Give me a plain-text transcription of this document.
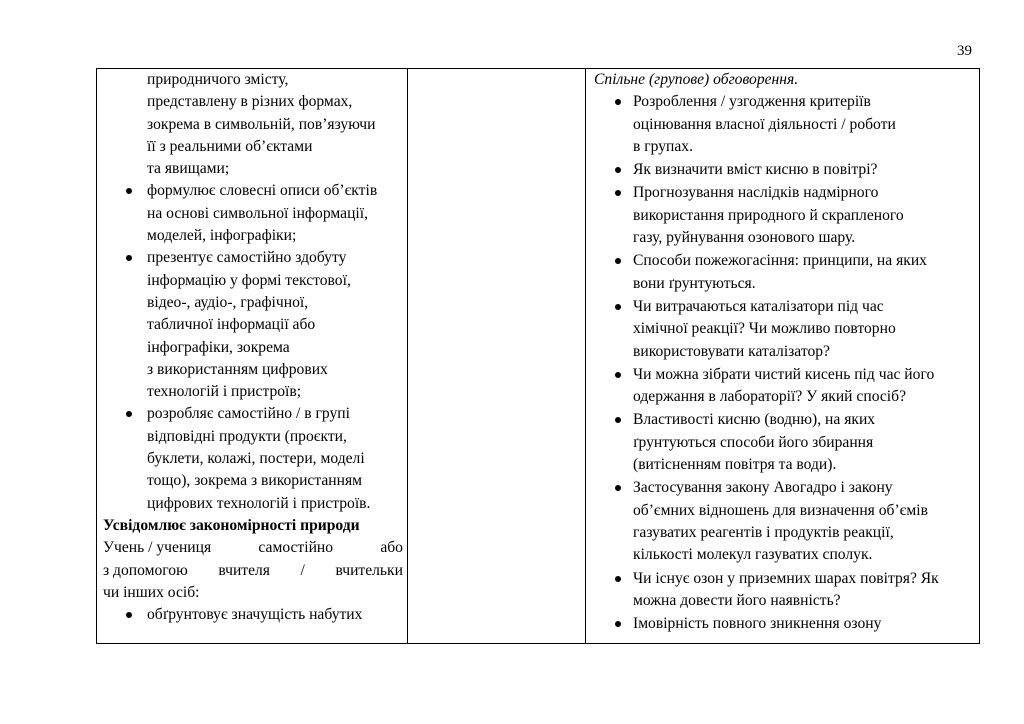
39
природничого змісту,
представлену в різних формах,
зокрема в символьній, пов’язуючи
її з реальними об’єктами
та явищами;
формулює словесні описи об’єктів
на основі символьної інформації,
моделей, інфографіки;
презентує самостійно здобуту
інформацію у формі текстової,
відео-, аудіо-, графічної,
табличної інформації або
інфографіки, зокрема
з використанням цифрових
технологій і пристроїв;
розробляє самостійно / в групі
відповідні продукти (проєкти,
буклети, колажі, постери, моделі
тощо), зокрема з використанням
цифрових технологій і пристроїв.
Усвідомлює закономірності природи
Учень / учениця	самостійно	або
з допомогою вчителя / вчительки
чи інших осіб:
обґрунтовує значущість набутих

Спільне (групове) обговорення.
Розроблення / узгодження критеріїв
оцінювання власної діяльності / роботи
в групах.
Як визначити вміст кисню в повітрі?
Прогнозування наслідків надмірного
використання природного й скрапленого
газу, руйнування озонового шару.
Способи пожежогасіння: принципи, на яких
вони ґрунтуються.
Чи витрачаються каталізатори під час
хімічної реакції? Чи можливо повторно
використовувати каталізатор?
Чи можна зібрати чистий кисень під час його
одержання в лабораторії? У який спосіб?
Властивості кисню (водню), на яких
ґрунтуються способи його збирання
(витісненням повітря та води).
Застосування закону Авогадро і закону
об’ємних відношень для визначення об’ємів
газуватих реагентів і продуктів реакції,
кількості молекул газуватих сполук.
Чи існує озон у приземних шарах повітря? Як
можна довести його наявність?
Імовірність повного зникнення озону
